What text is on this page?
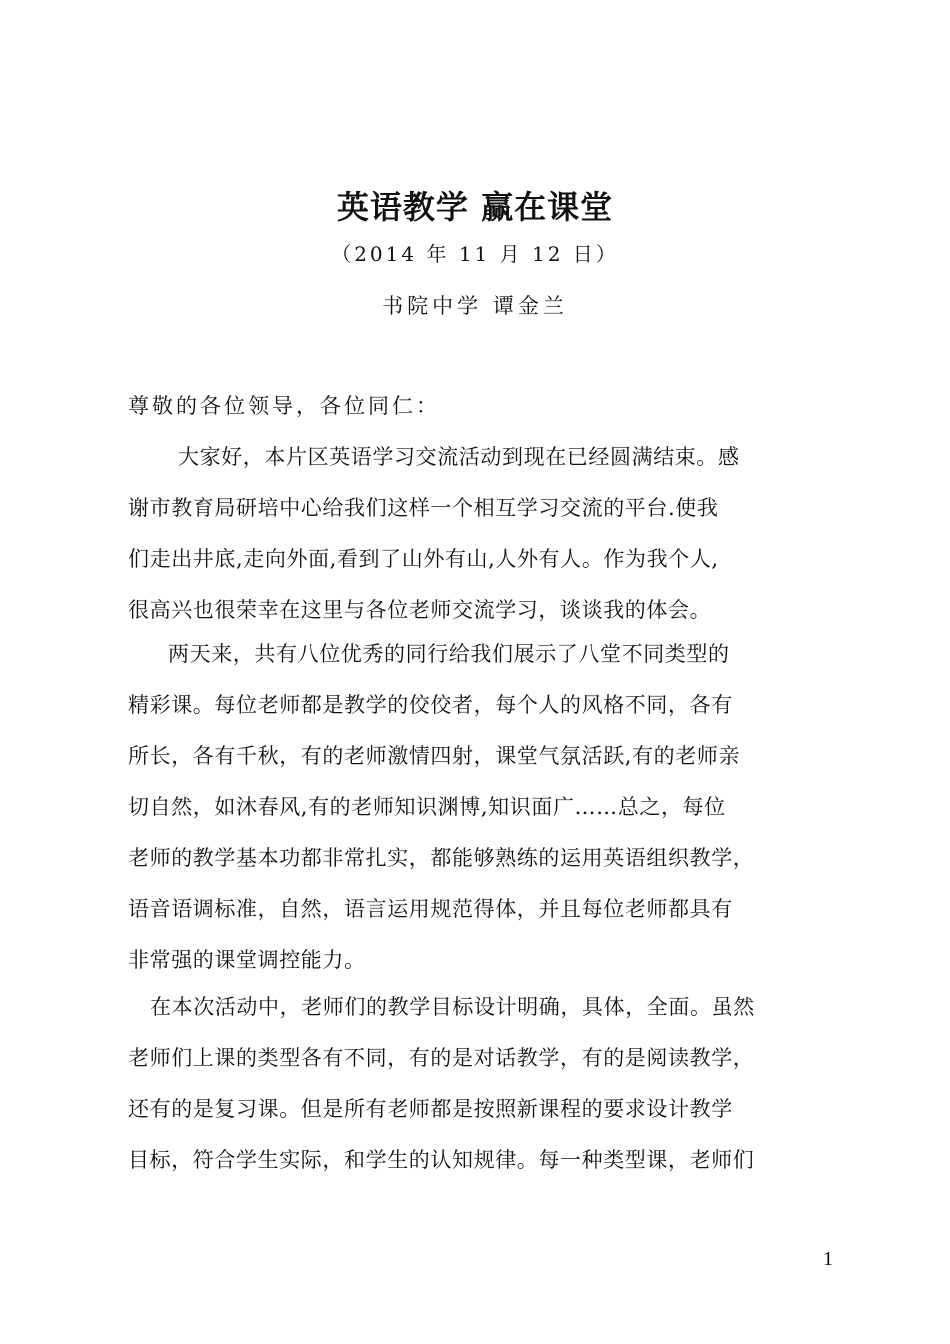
英语教学 赢在课堂
（2014 年 11 月 12 日）
书院中学 谭金兰
尊敬的各位领导，各位同仁：
大家好，本片区英语学习交流活动到现在已经圆满结束。感
谢市教育局研培中心给我们这样一个相互学习交流的平台.使我
们走出井底,走向外面,看到了山外有山,人外有人。作为我个人,
很高兴也很荣幸在这里与各位老师交流学习，谈谈我的体会。
两天来，共有八位优秀的同行给我们展示了八堂不同类型的
精彩课。每位老师都是教学的佼佼者，每个人的风格不同，各有
所长，各有千秋，有的老师激情四射，课堂气氛活跃,有的老师亲
切自然，如沐春风,有的老师知识渊博,知识面广……总之，每位
老师的教学基本功都非常扎实，都能够熟练的运用英语组织教学，
语音语调标准，自然，语言运用规范得体，并且每位老师都具有
非常强的课堂调控能力。
在本次活动中，老师们的教学目标设计明确，具体，全面。虽然
老师们上课的类型各有不同，有的是对话教学，有的是阅读教学，
还有的是复习课。但是所有老师都是按照新课程的要求设计教学
目标，符合学生实际，和学生的认知规律。每一种类型课，老师们
1
